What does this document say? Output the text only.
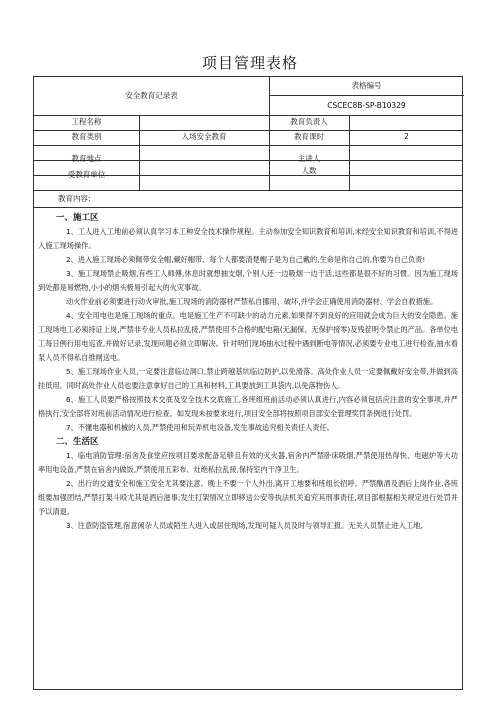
项目管理表格
安全教育记录表
表格编号
CSCEC8B-SP-B10329
工程名称	教育负责人
教育类别	入场安全教育	教育课时	2
教育地点	主讲人
受教育单位	人数
教育内容:
一、施工区
1、工人进入工地前必须认真学习本工种安全技术操作规程。主动参加安全知识教育和培训,未经安全知识教育和培训,不得进入施工现场操作。
2、进入施工现场必须佩带安全帽,戴好帽带、每个人都要清楚帽子是为自己戴的,生命是你自己的,你要为自己负责!
3、施工现场禁止吸烟,有些工人师傅,休息时就想抽支烟,个别人还一边吸烟一边干活,这些都是很不好的习惯。因为施工现场到处都是易燃物,小小的烟头极易引起大的火灾事故。
动火作业前必须要进行动火审批,施工现场的消防器材严禁私自挪用、破坏,并学会正确使用消防器材、学会自救措施。
4、安全用电也是施工现场的重点。电是施工生产不可缺少的动力元素,如果得不到良好的应用就会成为巨大的安全隐患。施工现场电工必须持证上岗,严禁非专业人员私拉乱接,严禁使用不合格的配电箱(无漏保、无保护接零)及残茬明令禁止的产品。各单位电工每日例行用电巡查,并做好记录,发现问题必须立即解决。针对明们现场抽水过程中遇到断电等情况,必须要专业电工进行检查,抽水看泵人员不得私自推闸送电。
5、施工现场作业人员,一定要注意临边洞口,禁止跨越基坑临边防护,以免滑落。高处作业人员一定要佩戴好安全带,并做到高挂低用。同时高处作业人员也要注意拿好自己的工具和材料,工具要放到工具袋内,以免落物伤人。
6、施工人员要严格按照技术交底及安全技术交底施工,各班组班前活动必须认真进行,内容必须包括应注意的安全事项,并严格执行,安全部将对班前活动情况进行检查。如发现未按要求进行,项目安全部将按照项目部安全管理奖罚条例进行处罚。
7、不懂电器和机械的人员,严禁使用和玩弄机电设备,发生事故追究相关责任人责任。
二、生活区
1、临电消防管理:宿舍及食堂应按项目要求配备足够且有效的灭火器,宿舍内严禁卧床吸烟,严禁使用热得快、电磁炉等大功率用电设备,严禁在宿舍内做饭,严禁使用五彩布、灶绝私拉乱接,保持室内干净卫生。
2、出行的交通安全和施工安全尤其要注意。晚上不要一个人外出,离开工地要和班组长招呼。严禁酗酒及酒后上岗作业,各班组要加强团结,严禁打架斗殴尤其是酒后滋事;发生打架情况立即移送公安等执法机关追究其刑事责任,项目部根据相关规定进行处罚并予以清退。
3、注意防盗管理,宿意闲杂人员或陌生人进入或居住现场,发现可疑人员及时与领导汇报。无关人员禁止进入工地,
